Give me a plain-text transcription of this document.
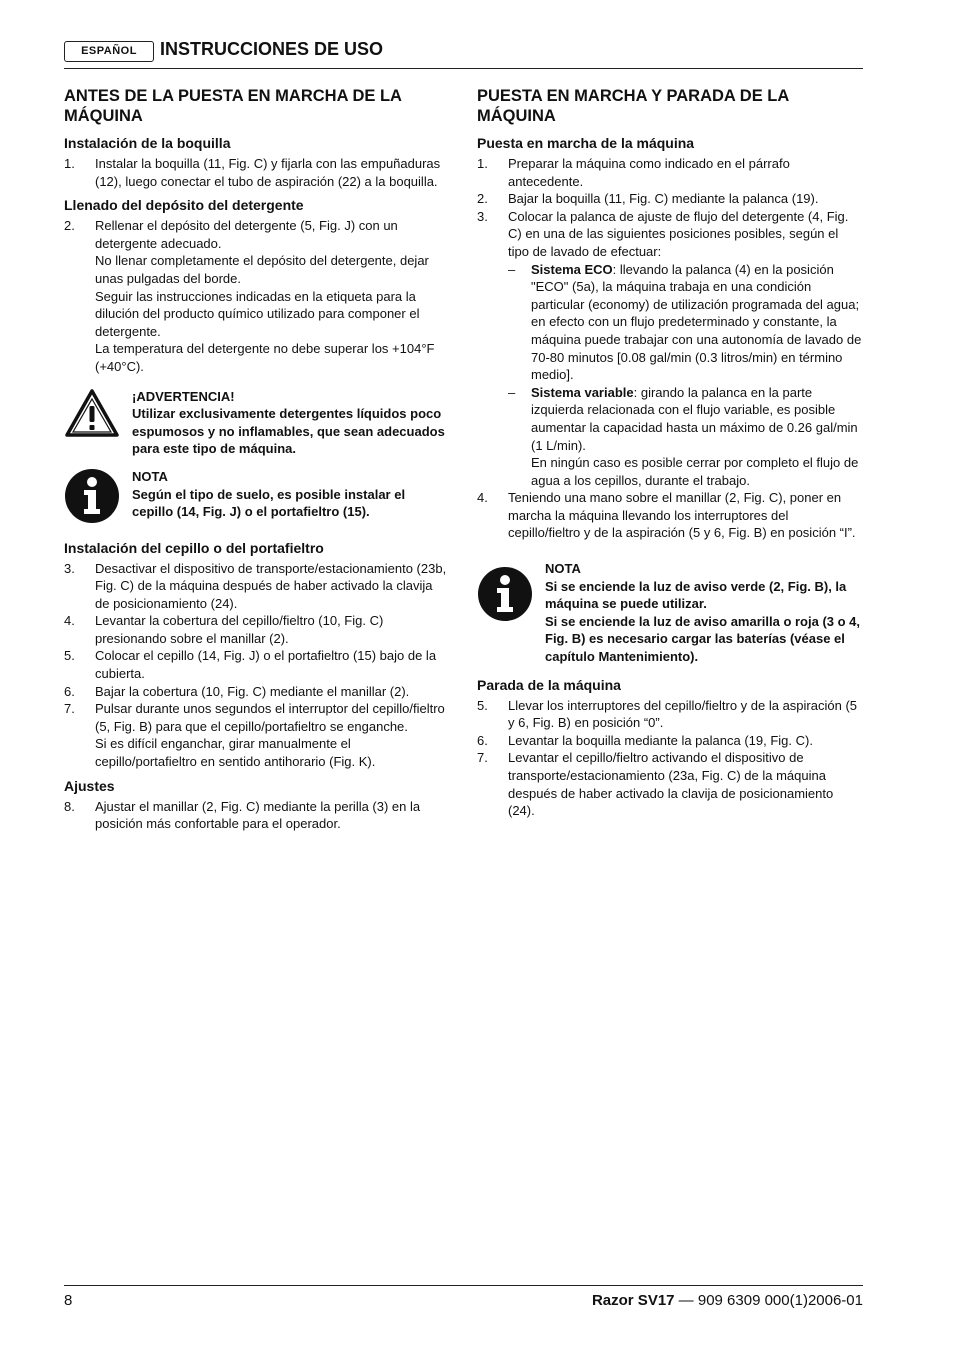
ESPAÑOL	INSTRUCCIONES DE USO
ANTES DE LA PUESTA EN MARCHA DE LA MÁQUINA
Instalación de la boquilla
1.	Instalar la boquilla (11, Fig. C) y fijarla con las empuñaduras (12), luego conectar el tubo de aspiración (22) a la boquilla.
Llenado del depósito del detergente
2.	Rellenar el depósito del detergente (5, Fig. J) con un detergente adecuado.
No llenar completamente el depósito del detergente, dejar unas pulgadas del borde.
Seguir las instrucciones indicadas en la etiqueta para la dilución del producto químico utilizado para componer el detergente.
La temperatura del detergente no debe superar los +104°F (+40°C).
¡ADVERTENCIA!
Utilizar exclusivamente detergentes líquidos poco espumosos y no inflamables, que sean adecuados para este tipo de máquina.
NOTA
Según el tipo de suelo, es posible instalar el cepillo (14, Fig. J) o el portafieltro (15).
Instalación del cepillo o del portafieltro
3.	Desactivar el dispositivo de transporte/estacionamiento (23b, Fig. C) de la máquina después de haber activado la clavija de posicionamiento (24).
4.	Levantar la cobertura del cepillo/fieltro (10, Fig. C) presionando sobre el manillar (2).
5.	Colocar el cepillo (14, Fig. J) o el portafieltro (15) bajo de la cubierta.
6.	Bajar la cobertura (10, Fig. C) mediante el manillar (2).
7.	Pulsar durante unos segundos el interruptor del cepillo/fieltro (5, Fig. B) para que el cepillo/portafieltro se enganche.
Si es difícil enganchar, girar manualmente el cepillo/portafieltro en sentido antihorario (Fig. K).
Ajustes
8.	Ajustar el manillar (2, Fig. C) mediante la perilla (3) en la posición más confortable para el operador.
PUESTA EN MARCHA Y PARADA DE LA MÁQUINA
Puesta en marcha de la máquina
1.	Preparar la máquina como indicado en el párrafo antecedente.
2.	Bajar la boquilla (11, Fig. C) mediante la palanca (19).
3.	Colocar la palanca de ajuste de flujo del detergente (4, Fig. C) en una de las siguientes posiciones posibles, según el tipo de lavado de efectuar:
–	Sistema ECO: llevando la palanca (4) en la posición "ECO" (5a), la máquina trabaja en una condición particular (economy) de utilización programada del agua; en efecto con un flujo predeterminado y constante, la máquina puede trabajar con una autonomía de lavado de 70-80 minutos [0.08 gal/min (0.3 litros/min) en término medio].
–	Sistema variable: girando la palanca en la parte izquierda relacionada con el flujo variable, es posible aumentar la capacidad hasta un máximo de 0.26 gal/min (1 L/min).
En ningún caso es posible cerrar por completo el flujo de agua a los cepillos, durante el trabajo.
4.	Teniendo una mano sobre el manillar (2, Fig. C), poner en marcha la máquina llevando los interruptores del cepillo/fieltro y de la aspiración (5 y 6, Fig. B) en posición “I”.
NOTA
Si se enciende la luz de aviso verde (2, Fig. B), la máquina se puede utilizar.
Si se enciende la luz de aviso amarilla o roja (3 o 4, Fig. B) es necesario cargar las baterías (véase el capítulo Mantenimiento).
Parada de la máquina
5.	Llevar los interruptores del cepillo/fieltro y de la aspiración (5 y 6, Fig. B) en posición “0”.
6.	Levantar la boquilla mediante la palanca (19, Fig. C).
7.	Levantar el cepillo/fieltro activando el dispositivo de transporte/estacionamiento (23a, Fig. C) de la máquina después de haber activado la clavija de posicionamiento (24).
8	Razor SV17 — 909 6309 000(1)2006-01
